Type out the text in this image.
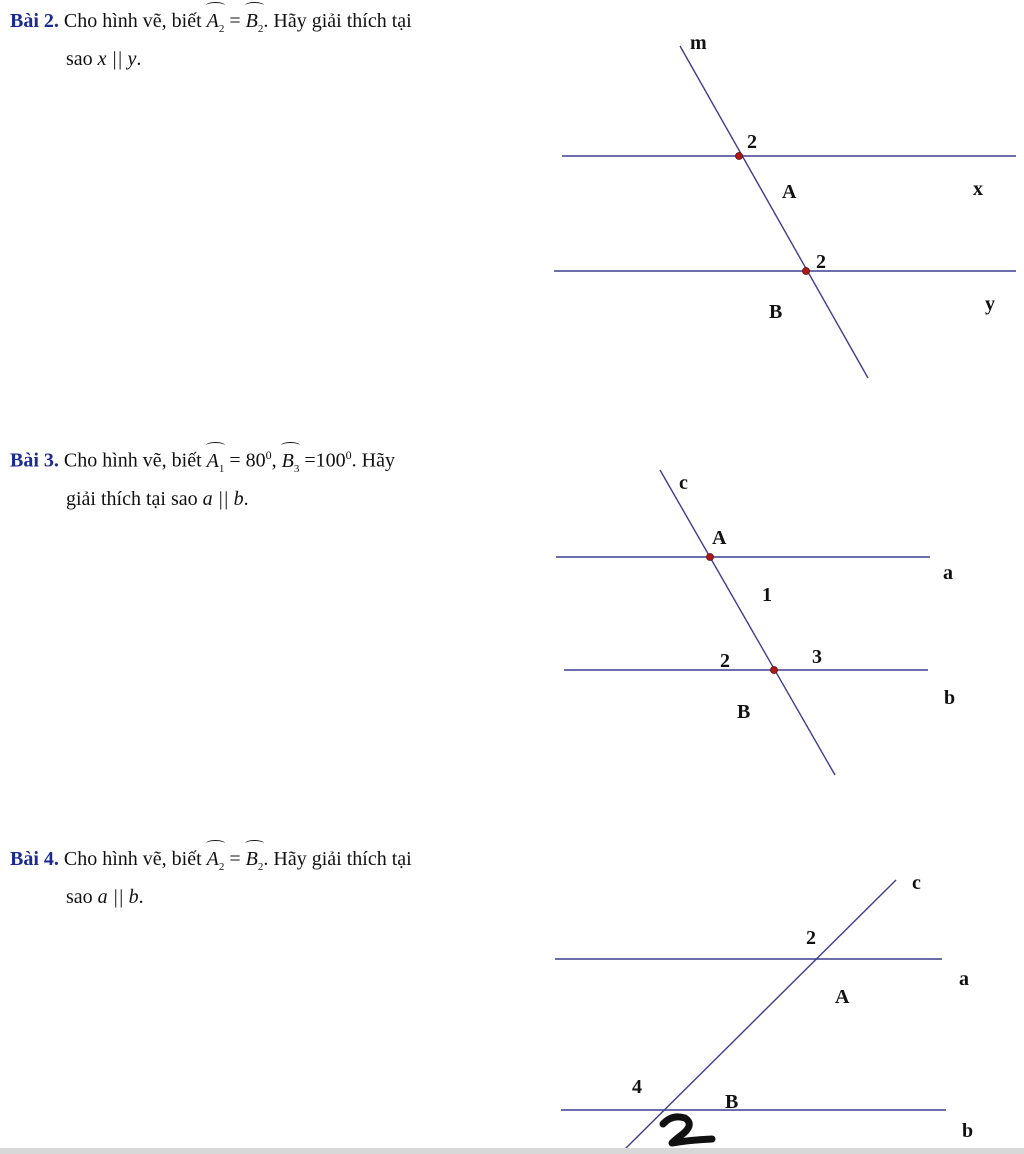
Bài 2. Cho hình vẽ, biết $A_2 = B_2$. Hãy giải thích tại
sao x || y.
Bài 3. Cho hình vẽ, biết $A_1 = 80^0$, $B_3 =100^0$. Hãy
giải thích tại sao a || b.
Bài 4. Cho hình vẽ, biết $A_2 = B_2$. Hãy giải thích tại
sao a || b.
m
2
A	x
2
B	y
c
A
a
1
2	3
B
b
c
2
A
a
4
B
b
